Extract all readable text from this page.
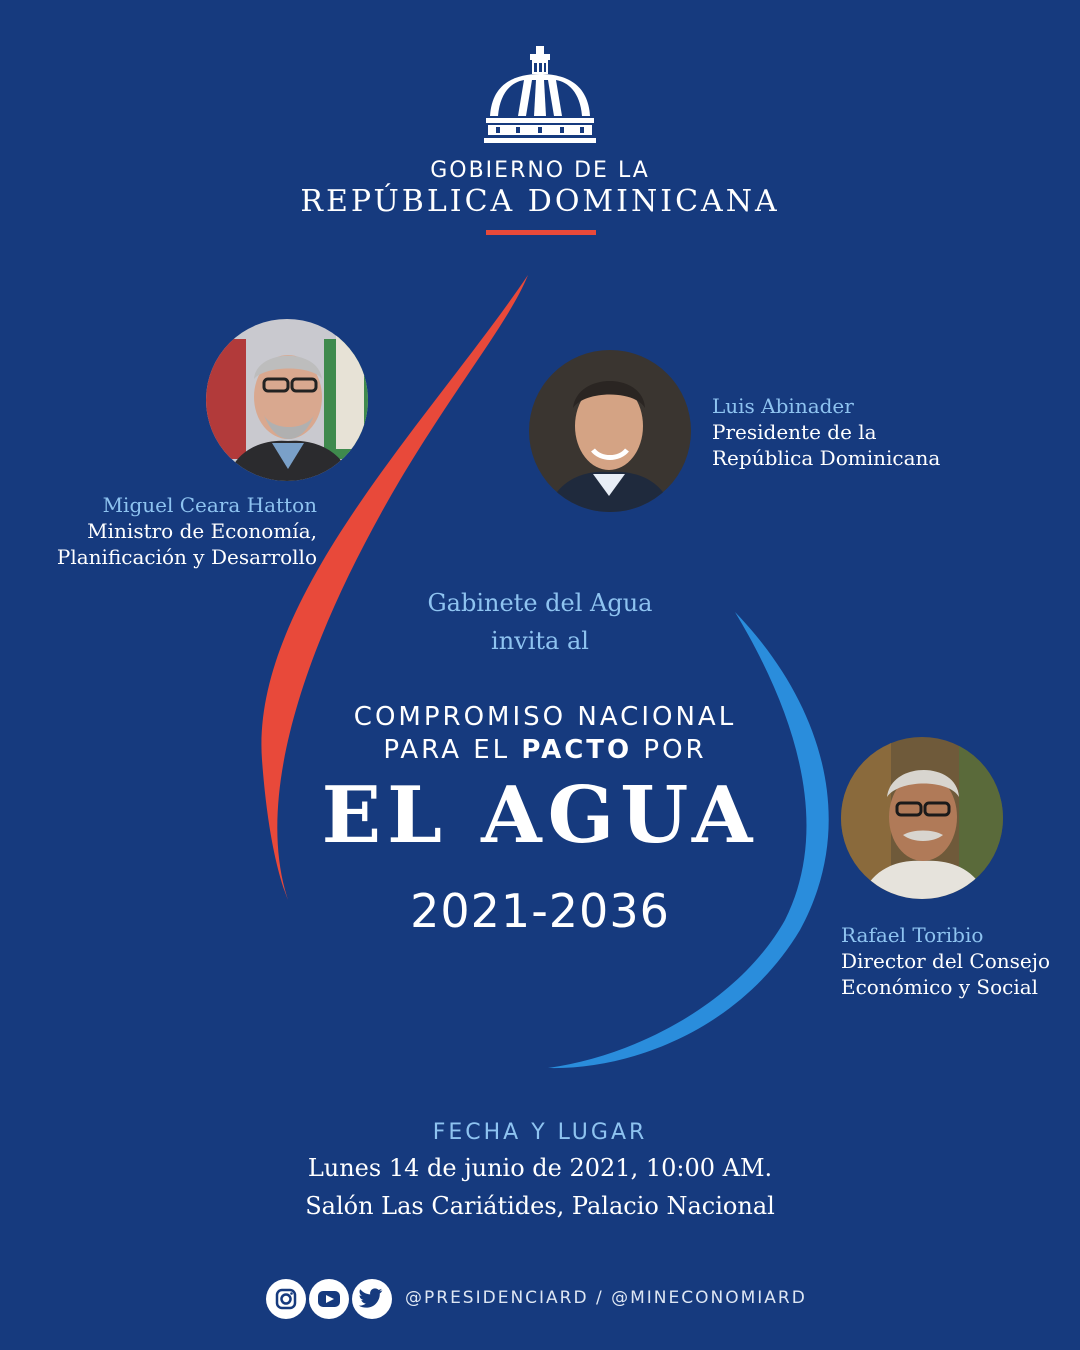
GOBIERNO DE LA
REPÚBLICA DOMINICANA
Miguel Ceara Hatton
Ministro de Economía,
Planificación y Desarrollo
Luis Abinader
Presidente de la
República Dominicana
Rafael Toribio
Director del Consejo
Económico y Social
Gabinete del Agua
invita al
COMPROMISO NACIONAL
PARA EL PACTO POR
EL AGUA
2021-2036
FECHA Y LUGAR
Lunes 14 de junio de 2021, 10:00 AM.
Salón Las Cariátides, Palacio Nacional
@PRESIDENCIARD / @MINECONOMIARD
